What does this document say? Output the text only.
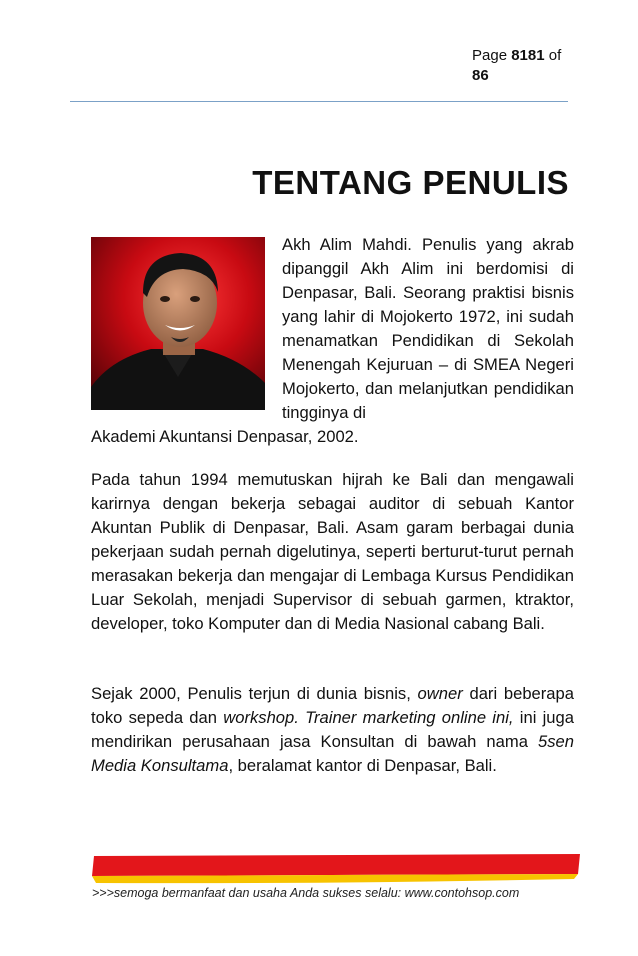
Page 8181 of
86
TENTANG PENULIS
Akh Alim Mahdi. Penulis yang akrab dipanggil Akh Alim ini berdomisi di Denpasar, Bali. Seorang praktisi bisnis yang lahir di Mojokerto 1972, ini sudah menamatkan Pendidikan di Sekolah Menengah Kejuruan – di SMEA Negeri Mojokerto, dan melanjutkan pendidikan tingginya di
Akademi Akuntansi Denpasar, 2002.
Pada tahun 1994 memutuskan hijrah ke Bali dan mengawali karirnya dengan bekerja sebagai auditor di sebuah Kantor Akuntan Publik di Denpasar, Bali. Asam garam berbagai dunia pekerjaan sudah pernah digelutinya, seperti berturut-turut pernah merasakan bekerja dan mengajar di Lembaga Kursus Pendidikan Luar Sekolah, menjadi Supervisor di sebuah garmen, ktraktor, developer, toko Komputer dan di Media Nasional cabang Bali.
Sejak 2000, Penulis terjun di dunia bisnis, owner dari beberapa toko sepeda dan workshop. Trainer marketing online ini, ini juga mendirikan perusahaan jasa Konsultan di bawah nama 5sen Media Konsultama, beralamat kantor di Denpasar, Bali.
>>>semoga bermanfaat dan usaha Anda sukses selalu: www.contohsop.com
